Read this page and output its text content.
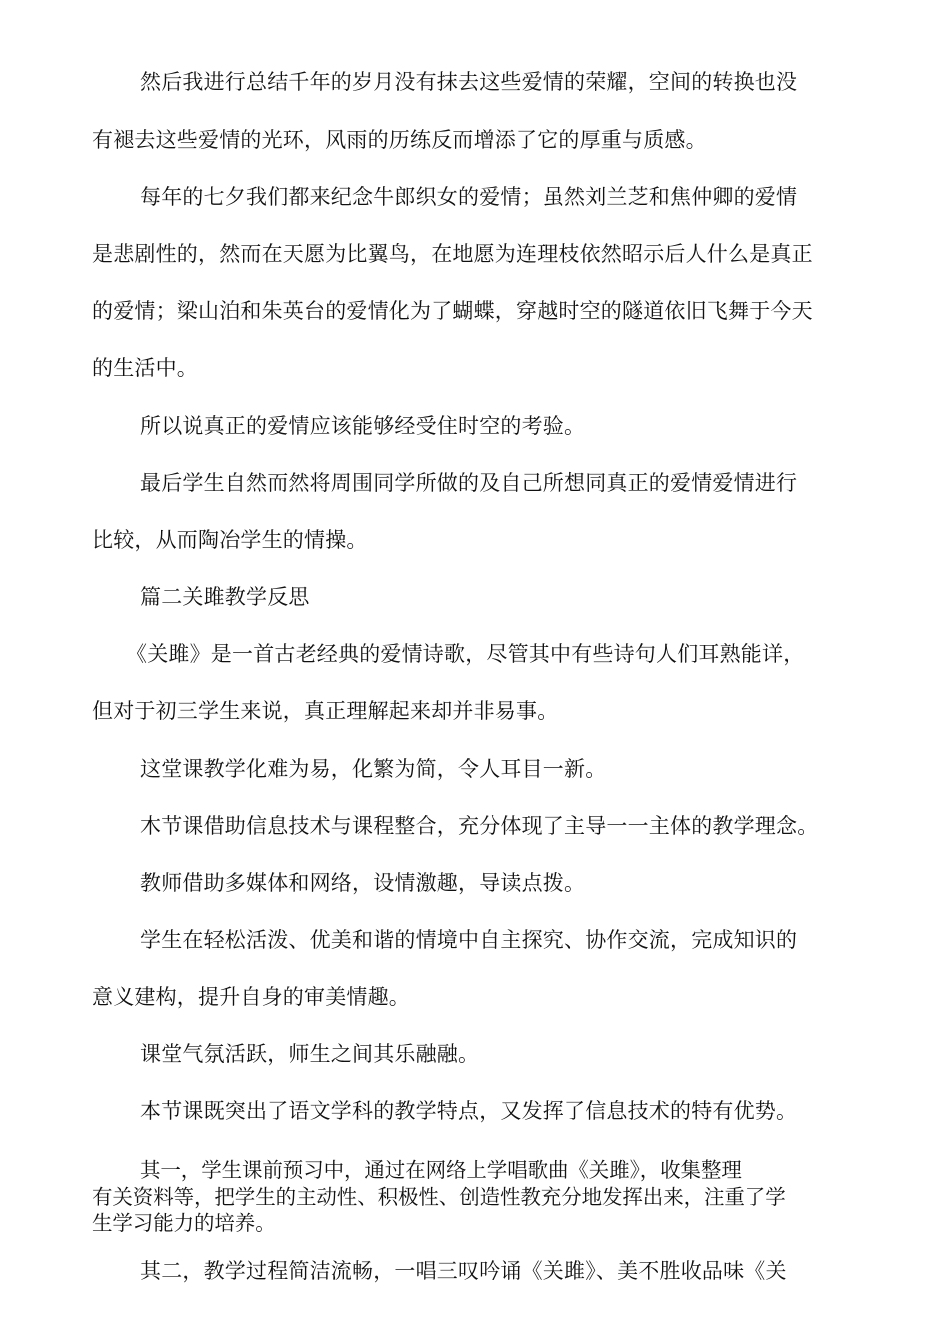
然后我进行总结千年的岁月没有抹去这些爱情的荣耀，空间的转换也没
有褪去这些爱情的光环，风雨的历练反而增添了它的厚重与质感。
每年的七夕我们都来纪念牛郎织女的爱情；虽然刘兰芝和焦仲卿的爱情
是悲剧性的，然而在天愿为比翼鸟，在地愿为连理枝依然昭示后人什么是真正
的爱情；梁山泊和朱英台的爱情化为了蝴蝶，穿越时空的隧道依旧飞舞于今天
的生活中。
所以说真正的爱情应该能够经受住时空的考验。
最后学生自然而然将周围同学所做的及自己所想同真正的爱情爱情进行
比较，从而陶冶学生的情操。
篇二关雎教学反思
《关雎》是一首古老经典的爱情诗歌，尽管其中有些诗句人们耳熟能详，
但对于初三学生来说，真正理解起来却并非易事。
这堂课教学化难为易，化繁为简，令人耳目一新。
木节课借助信息技术与课程整合，充分体现了主导一一主体的教学理念。
教师借助多媒体和网络，设情激趣，导读点拨。
学生在轻松活泼、优美和谐的情境中自主探究、协作交流，完成知识的
意义建构，提升自身的审美情趣。
课堂气氛活跃，师生之间其乐融融。
本节课既突出了语文学科的教学特点，又发挥了信息技术的特有优势。
其一，学生课前预习中，通过在网络上学唱歌曲《关雎》，收集整理
有关资料等，把学生的主动性、积极性、创造性教充分地发挥出来，注重了学
生学习能力的培养。
其二，教学过程简洁流畅，一唱三叹吟诵《关雎》、美不胜收品味《关
